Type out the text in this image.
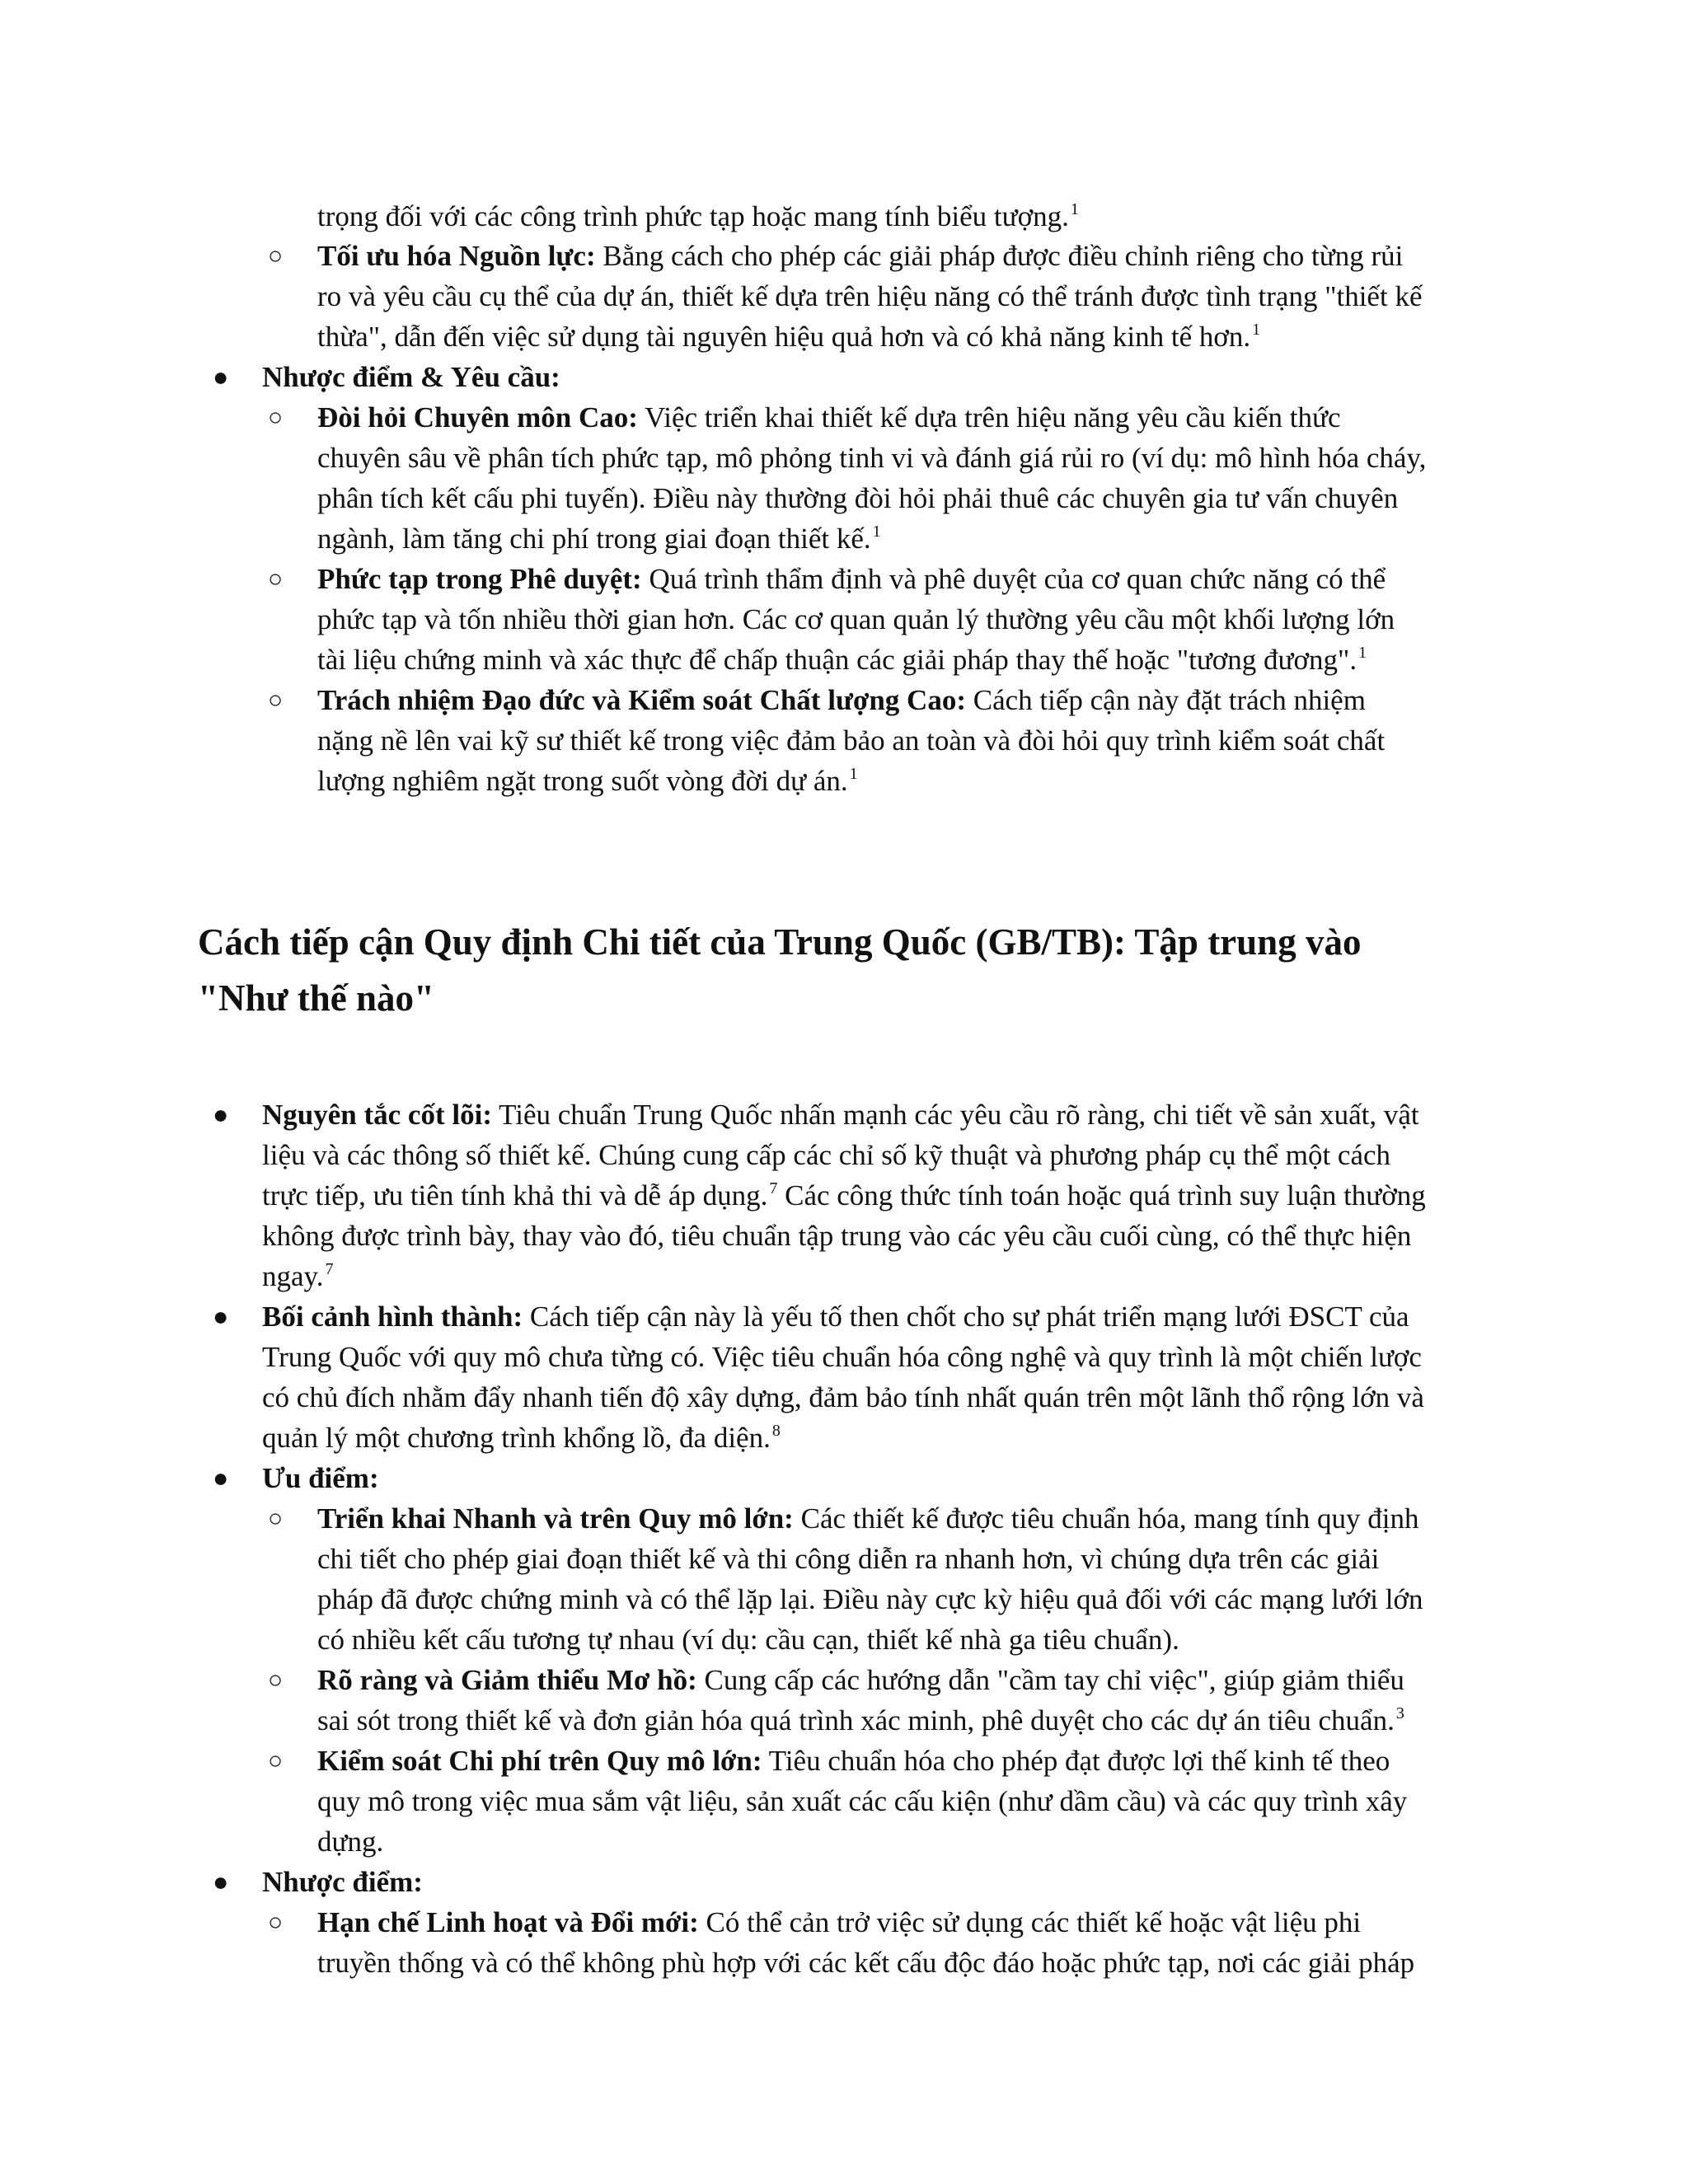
trọng đối với các công trình phức tạp hoặc mang tính biểu tượng. $^1$
○ Tối ưu hóa Nguồn lực: Bằng cách cho phép các giải pháp được điều chỉnh riêng cho từng rủi
ro và yêu cầu cụ thể của dự án, thiết kế dựa trên hiệu năng có thể tránh được tình trạng "thiết kế
thừa", dẫn đến việc sử dụng tài nguyên hiệu quả hơn và có khả năng kinh tế hơn. $^1$
● Nhược điểm & Yêu cầu:
○ Đòi hỏi Chuyên môn Cao: Việc triển khai thiết kế dựa trên hiệu năng yêu cầu kiến thức
chuyên sâu về phân tích phức tạp, mô phỏng tinh vi và đánh giá rủi ro (ví dụ: mô hình hóa cháy,
phân tích kết cấu phi tuyến). Điều này thường đòi hỏi phải thuê các chuyên gia tư vấn chuyên
ngành, làm tăng chi phí trong giai đoạn thiết kế. $^1$
○ Phức tạp trong Phê duyệt: Quá trình thẩm định và phê duyệt của cơ quan chức năng có thể
phức tạp và tốn nhiều thời gian hơn. Các cơ quan quản lý thường yêu cầu một khối lượng lớn
tài liệu chứng minh và xác thực để chấp thuận các giải pháp thay thế hoặc "tương đương". $^1$
○ Trách nhiệm Đạo đức và Kiểm soát Chất lượng Cao: Cách tiếp cận này đặt trách nhiệm
nặng nề lên vai kỹ sư thiết kế trong việc đảm bảo an toàn và đòi hỏi quy trình kiểm soát chất
lượng nghiêm ngặt trong suốt vòng đời dự án. $^1$
Cách tiếp cận Quy định Chi tiết của Trung Quốc (GB/TB): Tập trung vào
"Như thế nào"
● Nguyên tắc cốt lõi: Tiêu chuẩn Trung Quốc nhấn mạnh các yêu cầu rõ ràng, chi tiết về sản xuất, vật
liệu và các thông số thiết kế. Chúng cung cấp các chỉ số kỹ thuật và phương pháp cụ thể một cách
trực tiếp, ưu tiên tính khả thi và dễ áp dụng. $^7$ Các công thức tính toán hoặc quá trình suy luận thường
không được trình bày, thay vào đó, tiêu chuẩn tập trung vào các yêu cầu cuối cùng, có thể thực hiện
ngay. $^7$
● Bối cảnh hình thành: Cách tiếp cận này là yếu tố then chốt cho sự phát triển mạng lưới ĐSCT của
Trung Quốc với quy mô chưa từng có. Việc tiêu chuẩn hóa công nghệ và quy trình là một chiến lược
có chủ đích nhằm đẩy nhanh tiến độ xây dựng, đảm bảo tính nhất quán trên một lãnh thổ rộng lớn và
quản lý một chương trình khổng lồ, đa diện. $^8$
● Ưu điểm:
○ Triển khai Nhanh và trên Quy mô lớn: Các thiết kế được tiêu chuẩn hóa, mang tính quy định
chi tiết cho phép giai đoạn thiết kế và thi công diễn ra nhanh hơn, vì chúng dựa trên các giải
pháp đã được chứng minh và có thể lặp lại. Điều này cực kỳ hiệu quả đối với các mạng lưới lớn
có nhiều kết cấu tương tự nhau (ví dụ: cầu cạn, thiết kế nhà ga tiêu chuẩn).
○ Rõ ràng và Giảm thiểu Mơ hồ: Cung cấp các hướng dẫn "cầm tay chỉ việc", giúp giảm thiểu
sai sót trong thiết kế và đơn giản hóa quá trình xác minh, phê duyệt cho các dự án tiêu chuẩn. $^3$
○ Kiểm soát Chi phí trên Quy mô lớn: Tiêu chuẩn hóa cho phép đạt được lợi thế kinh tế theo
quy mô trong việc mua sắm vật liệu, sản xuất các cấu kiện (như dầm cầu) và các quy trình xây
dựng.
● Nhược điểm:
○ Hạn chế Linh hoạt và Đổi mới: Có thể cản trở việc sử dụng các thiết kế hoặc vật liệu phi
truyền thống và có thể không phù hợp với các kết cấu độc đáo hoặc phức tạp, nơi các giải pháp
